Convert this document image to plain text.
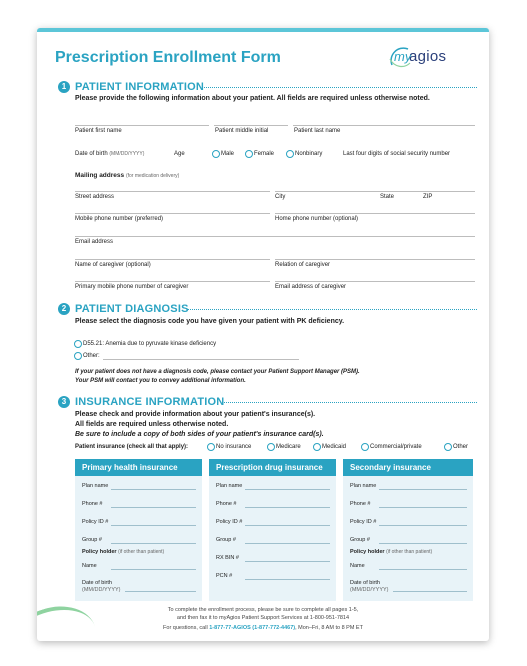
Prescription Enrollment Form	my
agios
1 PATIENT INFORMATION
Please provide the following information about your patient. All fields are required unless otherwise noted.
Patient first name	Patient middle initial	Patient last name
Date of birth (MM/DD/YYYY)	Age	Male	Female	Nonbinary	Last four digits of social security number
Mailing address (for medication delivery)
Street address	City	State	ZIP
Mobile phone number (preferred)	Home phone number (optional)
Email address
Name of caregiver (optional)	Relation of caregiver
Primary mobile phone number of caregiver	Email address of caregiver
2 PATIENT DIAGNOSIS
Please select the diagnosis code you have given your patient with PK deficiency.
D55.21: Anemia due to pyruvate kinase deficiency
Other:
If your patient does not have a diagnosis code, please contact your Patient Support Manager (PSM).
Your PSM will contact you to convey additional information.
3 INSURANCE INFORMATION
Please check and provide information about your patient's insurance(s).
All fields are required unless otherwise noted.
Be sure to include a copy of both sides of your patient's insurance card(s).
Patient insurance (check all that apply):	No insurance	Medicare	Medicaid	Commercial/private	Other
Primary health insurance
Plan name
Phone #
Policy ID #
Group #
Policy holder (if other than patient)
Name
Date of birth
(MM/DD/YYYY)
Prescription drug insurance
Plan name
Phone #
Policy ID #
Group #
RX BIN #
PCN #
Secondary insurance
Plan name
Phone #
Policy ID #
Group #
Policy holder (if other than patient)
Name
Date of birth
(MM/DD/YYYY)
To complete the enrollment process, please be sure to complete all pages 1-5,
and then fax it to myAgios Patient Support Services at 1-800-951-7814
For questions, call 1-877-77-AGIOS (1-877-772-4467), Mon–Fri, 8 AM to 8 PM ET
